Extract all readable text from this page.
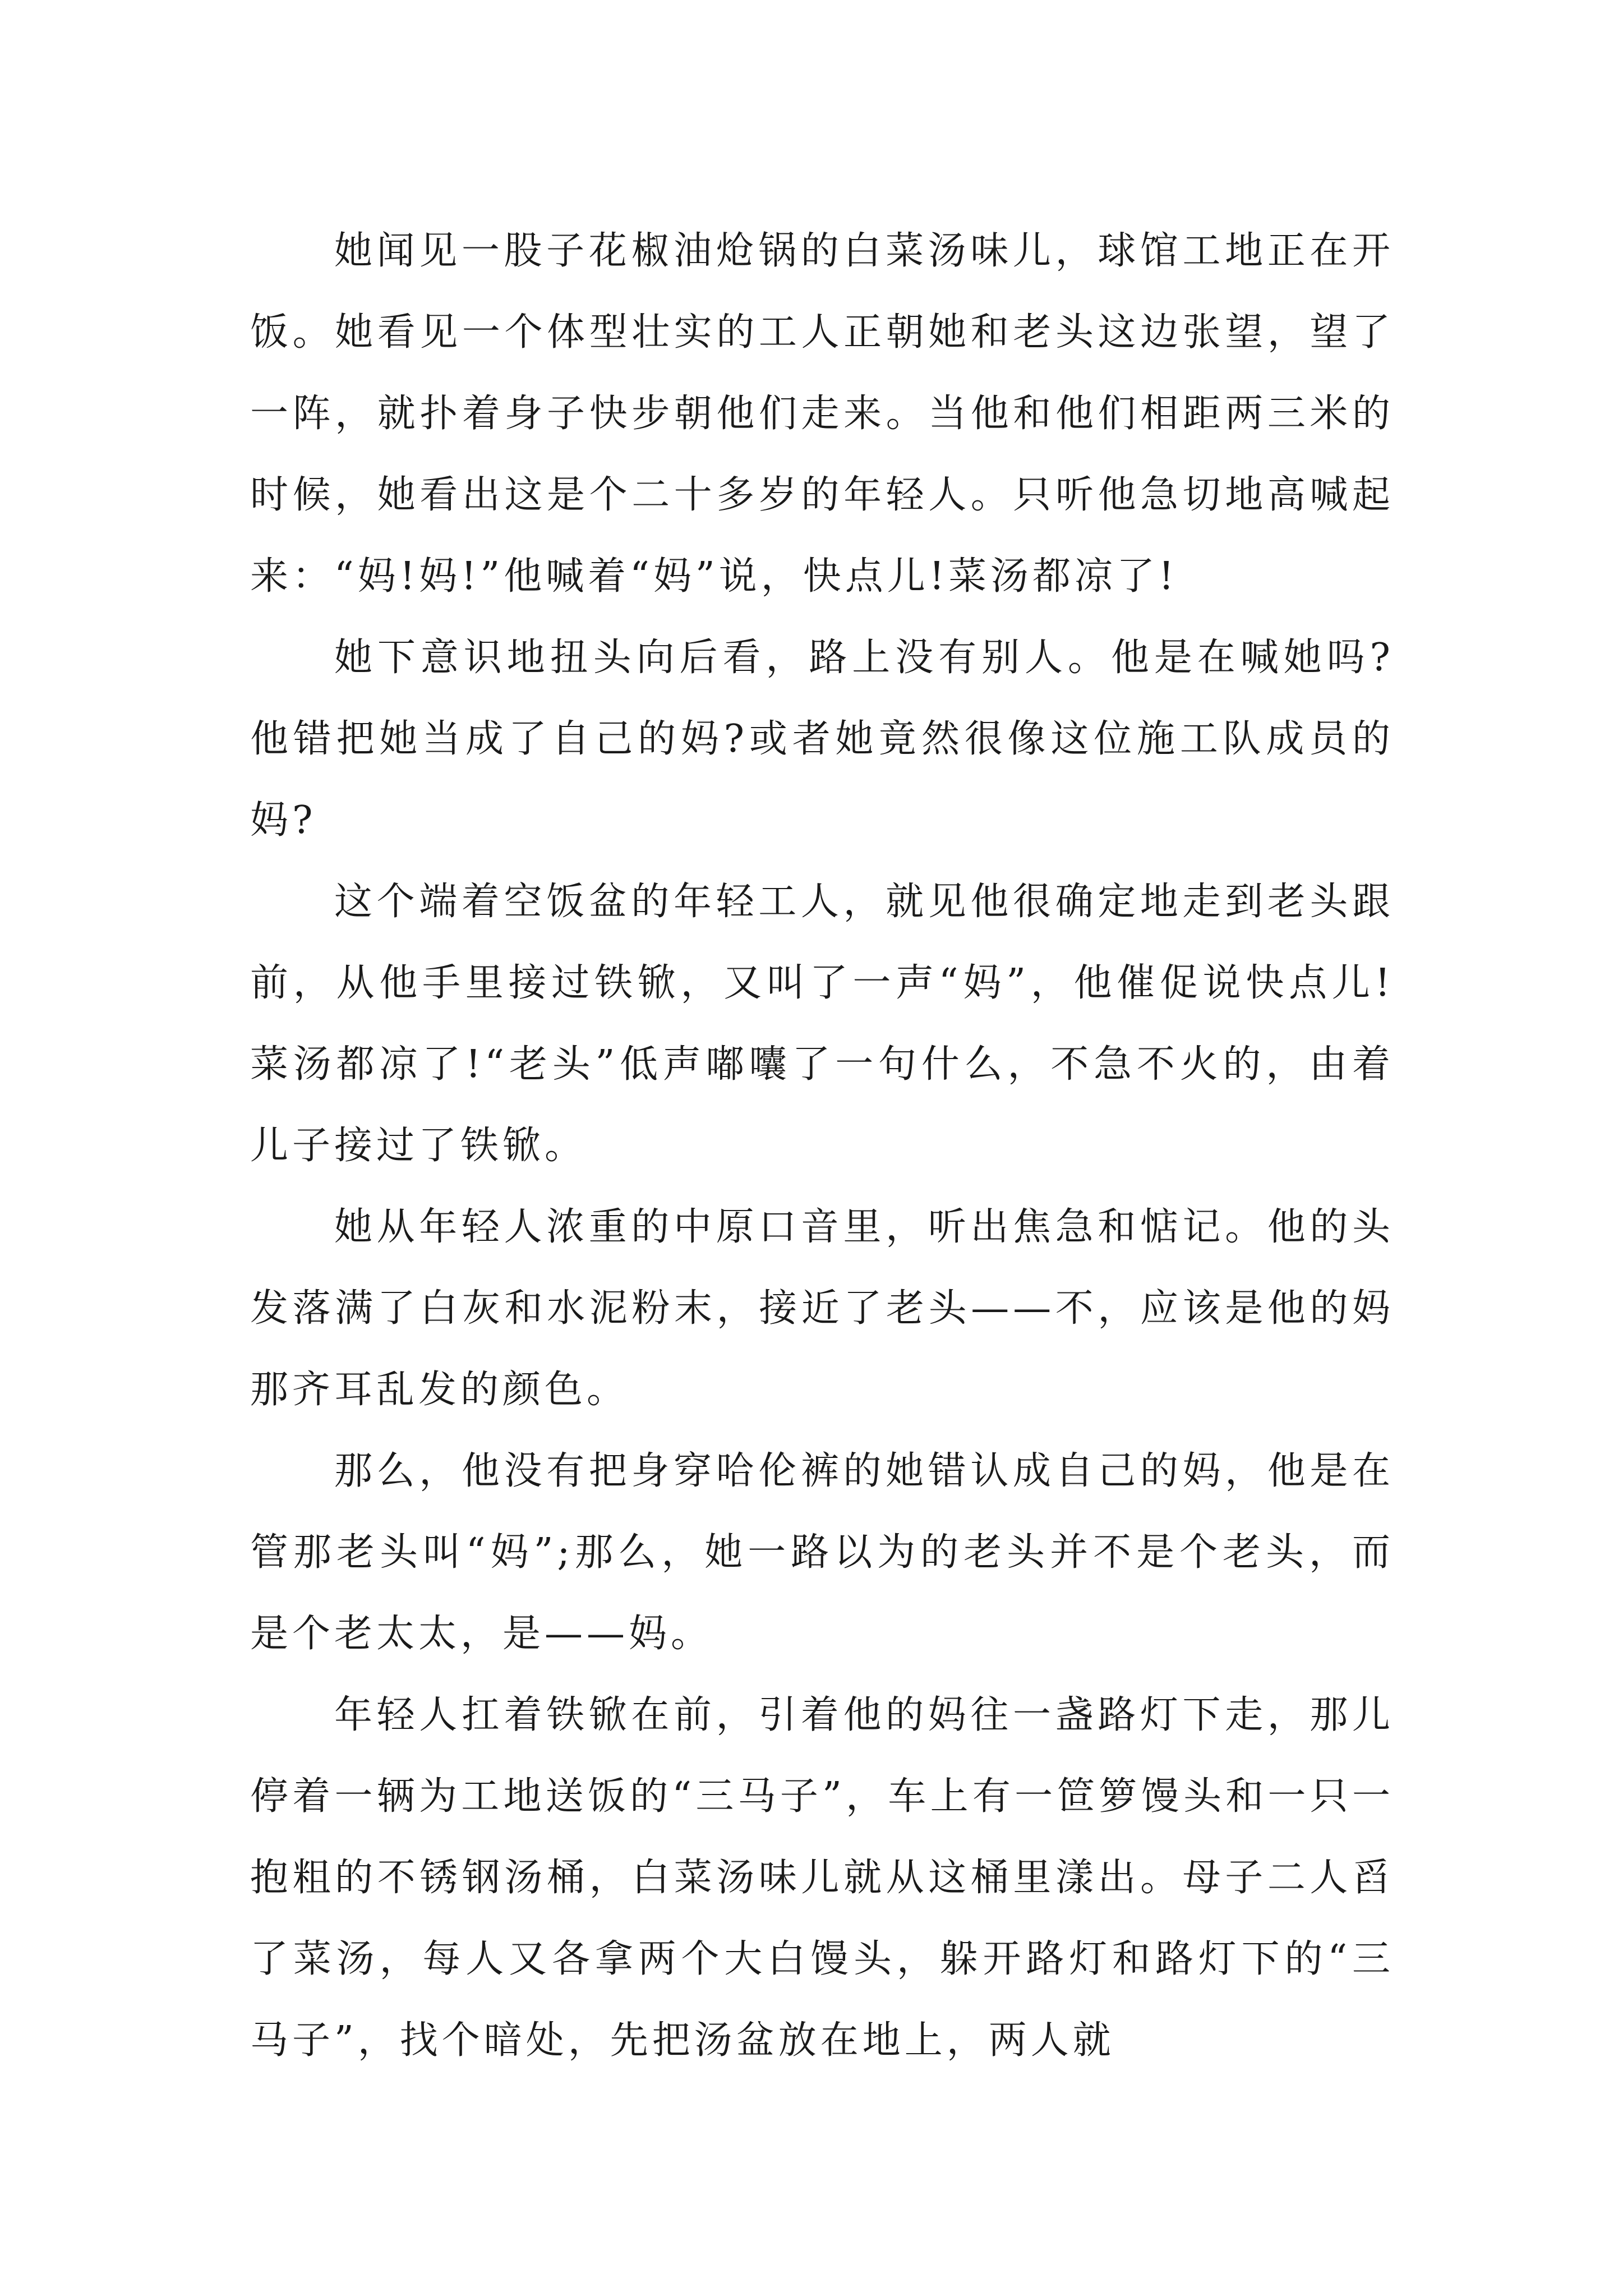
她闻见一股子花椒油炝锅的白菜汤味儿，球馆工地正在开饭。她看见一个体型壮实的工人正朝她和老头这边张望，望了一阵，就扑着身子快步朝他们走来。当他和他们相距两三米的时候，她看出这是个二十多岁的年轻人。只听他急切地高喊起来：“妈!妈!”他喊着“妈”说，快点儿!菜汤都凉了!

她下意识地扭头向后看，路上没有别人。他是在喊她吗?他错把她当成了自己的妈?或者她竟然很像这位施工队成员的妈?

这个端着空饭盆的年轻工人，就见他很确定地走到老头跟前，从他手里接过铁锨，又叫了一声“妈”，他催促说快点儿!菜汤都凉了!“老头”低声嘟囔了一句什么，不急不火的，由着儿子接过了铁锨。

她从年轻人浓重的中原口音里，听出焦急和惦记。他的头发落满了白灰和水泥粉末，接近了老头——不，应该是他的妈那齐耳乱发的颜色。

那么，他没有把身穿哈伦裤的她错认成自己的妈，他是在管那老头叫“妈”;那么，她一路以为的老头并不是个老头，而是个老太太，是——妈。

年轻人扛着铁锨在前，引着他的妈往一盏路灯下走，那儿停着一辆为工地送饭的“三马子”，车上有一笸箩馒头和一只一抱粗的不锈钢汤桶，白菜汤味儿就从这桶里漾出。母子二人舀了菜汤，每人又各拿两个大白馒头，躲开路灯和路灯下的“三马子”，找个暗处，先把汤盆放在地上，两人就
